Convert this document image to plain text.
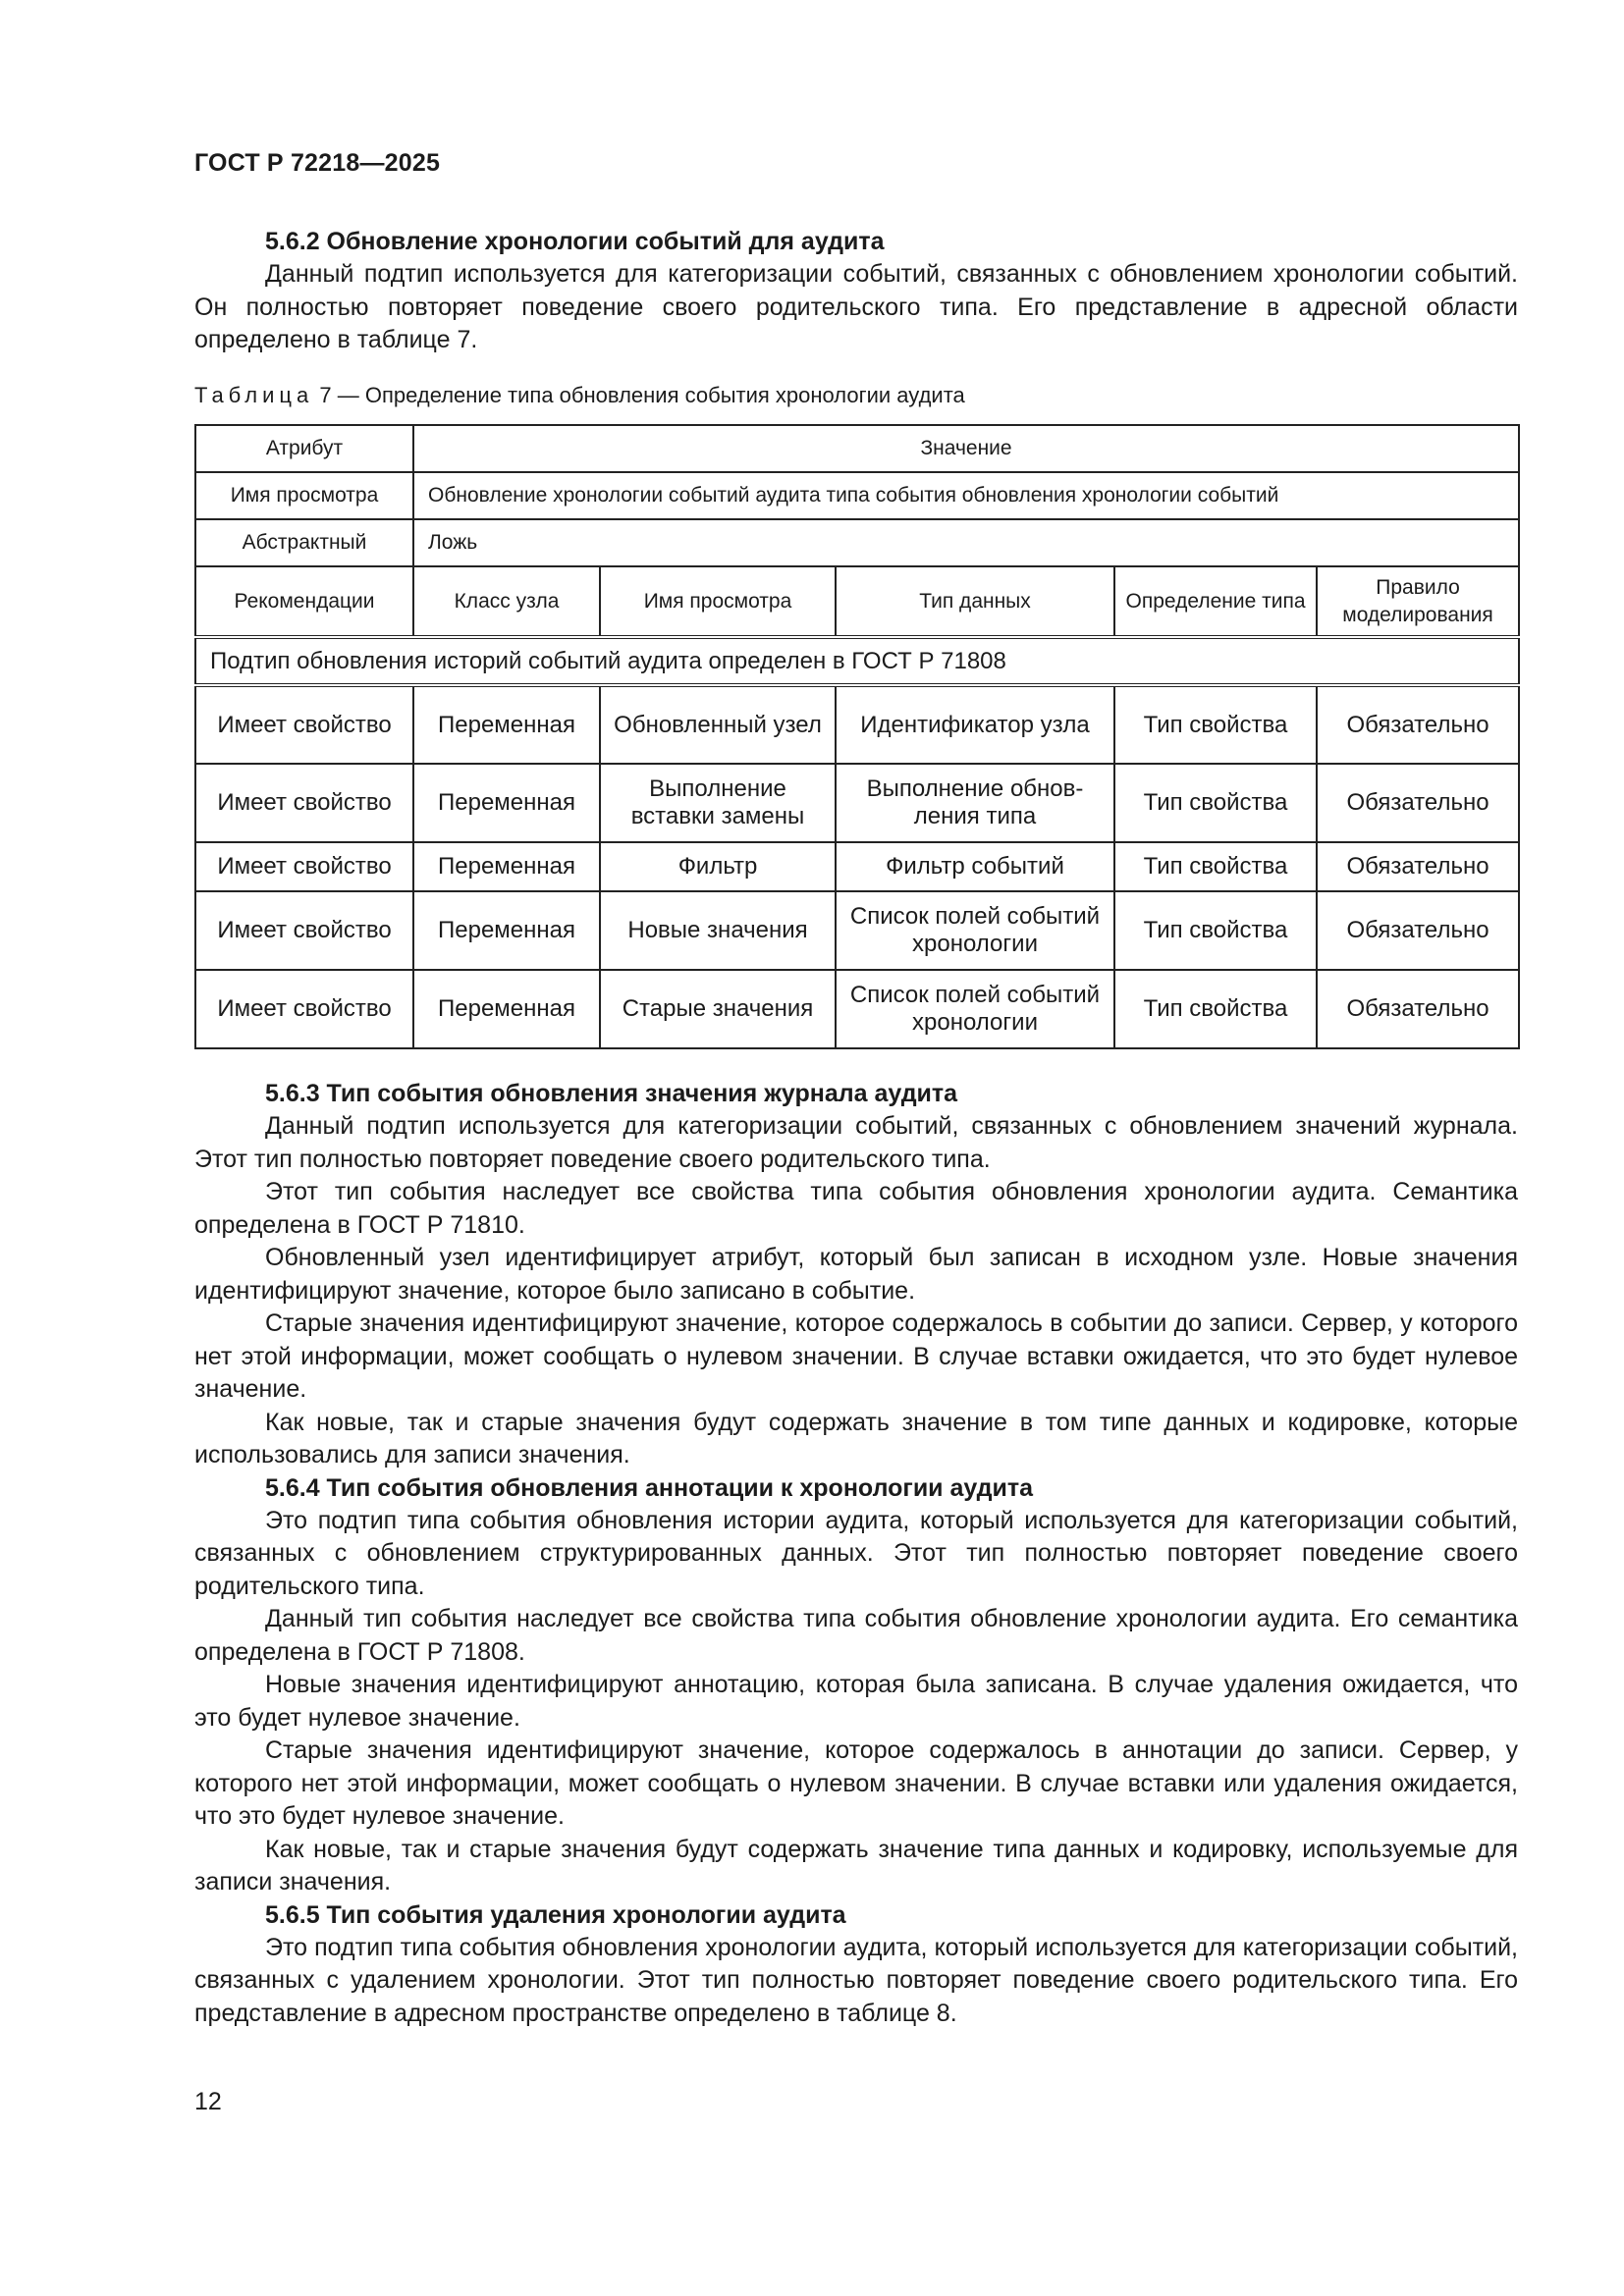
ГОСТ Р 72218—2025

5.6.2 Обновление хронологии событий для аудита

Данный подтип используется для категоризации событий, связанных с обновлением хронологии событий. Он полностью повторяет поведение своего родительского типа. Его представление в адресной области определено в таблице 7.

Таблица 7 — Определение типа обновления события хронологии аудита
Атрибут	Значение				
Имя просмотра	Обновление хронологии событий аудита типа события обновления хронологии событий				
Абстрактный	Ложь				
Рекомендации	Класс узла	Имя просмотра	Тип данных	Определение типа	Правило моделирования
Подтип обновления историй событий аудита определен в ГОСТ Р 71808					
Имеет свойство	Переменная	Обновленный узел	Идентификатор узла	Тип свойства	Обязательно
Имеет свойство	Переменная	Выполнение вставки замены	Выполнение обновления типа	Тип свойства	Обязательно
Имеет свойство	Переменная	Фильтр	Фильтр событий	Тип свойства	Обязательно
Имеет свойство	Переменная	Новые значения	Список полей событий хронологии	Тип свойства	Обязательно
Имеет свойство	Переменная	Старые значения	Список полей событий хронологии	Тип свойства	Обязательно

5.6.3 Тип события обновления значения журнала аудита

Данный подтип используется для категоризации событий, связанных с обновлением значений журнала. Этот тип полностью повторяет поведение своего родительского типа.

Этот тип события наследует все свойства типа события обновления хронологии аудита. Семантика определена в ГОСТ Р 71810.

Обновленный узел идентифицирует атрибут, который был записан в исходном узле. Новые значения идентифицируют значение, которое было записано в событие.

Старые значения идентифицируют значение, которое содержалось в событии до записи. Сервер, у которого нет этой информации, может сообщать о нулевом значении. В случае вставки ожидается, что это будет нулевое значение.

Как новые, так и старые значения будут содержать значение в том типе данных и кодировке, которые использовались для записи значения.

5.6.4 Тип события обновления аннотации к хронологии аудита

Это подтип типа события обновления истории аудита, который используется для категоризации событий, связанных с обновлением структурированных данных. Этот тип полностью повторяет поведение своего родительского типа.

Данный тип события наследует все свойства типа события обновление хронологии аудита. Его семантика определена в ГОСТ Р 71808.

Новые значения идентифицируют аннотацию, которая была записана. В случае удаления ожидается, что это будет нулевое значение.

Старые значения идентифицируют значение, которое содержалось в аннотации до записи. Сервер, у которого нет этой информации, может сообщать о нулевом значении. В случае вставки или удаления ожидается, что это будет нулевое значение.

Как новые, так и старые значения будут содержать значение типа данных и кодировку, используемые для записи значения.

5.6.5 Тип события удаления хронологии аудита

Это подтип типа события обновления хронологии аудита, который используется для категоризации событий, связанных с удалением хронологии. Этот тип полностью повторяет поведение своего родительского типа. Его представление в адресном пространстве определено в таблице 8.

12
